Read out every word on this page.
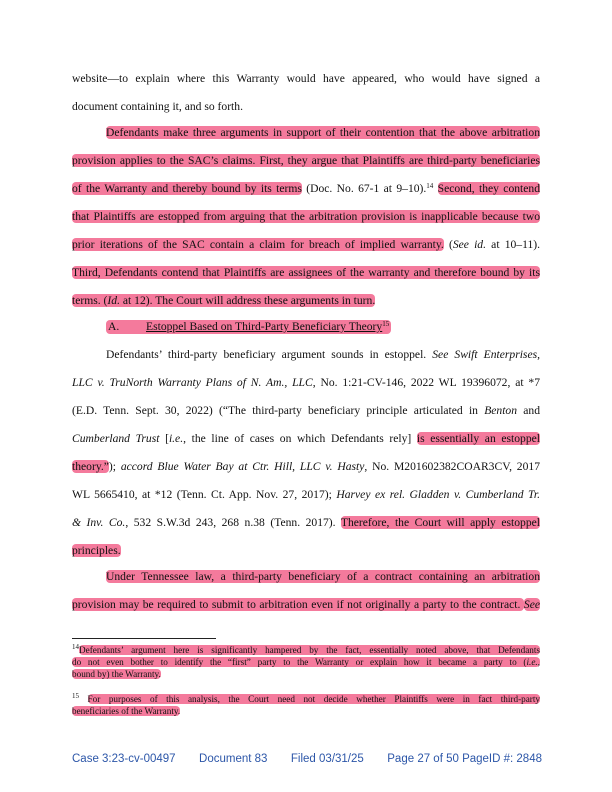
website—to explain where this Warranty would have appeared, who would have signed a
document containing it, and so forth.
Defendants make three arguments in support of their contention that the above arbitration
provision applies to the SAC’s claims. First, they argue that Plaintiffs are third-party beneficiaries
of the Warranty and thereby bound by its terms (Doc. No. 67-1 at 9–10).$^{14}$ Second, they contend
that Plaintiffs are estopped from arguing that the arbitration provision is inapplicable because two
prior iterations of the SAC contain a claim for breach of implied warranty. (See id. at 10–11).
Third, Defendants contend that Plaintiffs are assignees of the warranty and therefore bound by its
terms. (Id. at 12). The Court will address these arguments in turn.
A. Estoppel Based on Third-Party Beneficiary Theory$^{15}$
Defendants’ third-party beneficiary argument sounds in estoppel. See Swift Enterprises,
LLC v. TruNorth Warranty Plans of N. Am., LLC, No. 1:21-CV-146, 2022 WL 19396072, at *7
(E.D. Tenn. Sept. 30, 2022) (“The third-party beneficiary principle articulated in Benton and
Cumberland Trust [i.e., the line of cases on which Defendants rely] is essentially an estoppel
theory.”); accord Blue Water Bay at Ctr. Hill, LLC v. Hasty, No. M201602382COAR3CV, 2017
WL 5665410, at *12 (Tenn. Ct. App. Nov. 27, 2017); Harvey ex rel. Gladden v. Cumberland Tr.
& Inv. Co., 532 S.W.3d 243, 268 n.38 (Tenn. 2017). Therefore, the Court will apply estoppel
principles.
Under Tennessee law, a third-party beneficiary of a contract containing an arbitration
provision may be required to submit to arbitration even if not originally a party to the contract. See
$^{14}$Defendants’ argument here is significantly hampered by the fact, essentially noted above, that Defendants
do not even bother to identify the “first” party to the Warranty or explain how it became a party to (i.e.,
bound by) the Warranty.
$^{15}$ For purposes of this analysis, the Court need not decide whether Plaintiffs were in fact third-party
beneficiaries of the Warranty.
Case 3:23-cv-00497 Document 83 Filed 03/31/25 Page 27 of 50 PageID #: 2848
